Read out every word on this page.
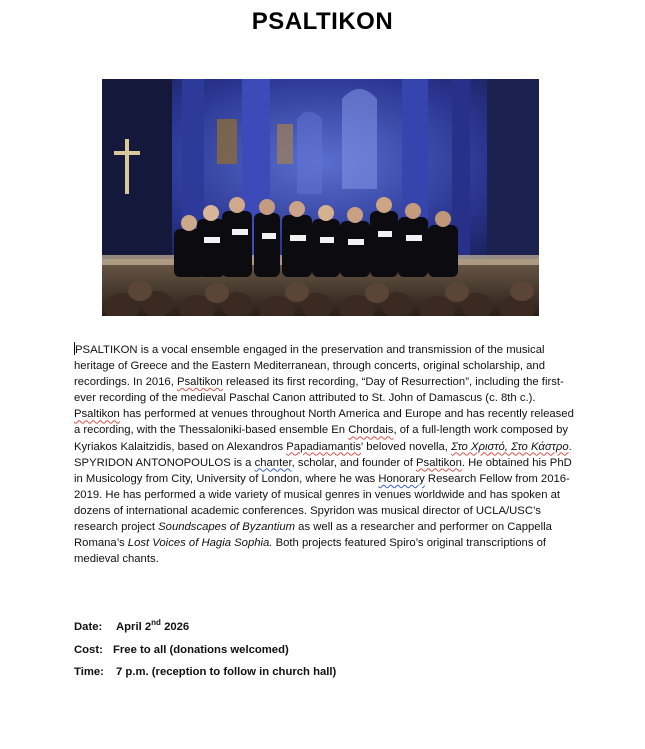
PSALTIKON

PSALTIKON is a vocal ensemble engaged in the preservation and transmission of the musical heritage of Greece and the Eastern Mediterranean, through concerts, original scholarship, and recordings. In 2016, Psaltikon released its first recording, “Day of Resurrection”, including the first-ever recording of the medieval Paschal Canon attributed to St. John of Damascus (c. 8th c.). Psaltikon has performed at venues throughout North America and Europe and has recently released a recording, with the Thessaloniki-based ensemble En Chordais, of a full-length work composed by Kyriakos Kalaitzidis, based on Alexandros Papadiamantis' beloved novella, Στο Χριστό, Στο Κάστρο.

SPYRIDON ANTONOPOULOS is a chanter, scholar, and founder of Psaltikon. He obtained his PhD in Musicology from City, University of London, where he was Honorary Research Fellow from 2016-2019. He has performed a wide variety of musical genres in venues worldwide and has spoken at dozens of international academic conferences. Spyridon was musical director of UCLA/USC’s research project Soundscapes of Byzantium as well as a researcher and performer on Cappella Romana’s Lost Voices of Hagia Sophia. Both projects featured Spiro’s original transcriptions of medieval chants.

Date: April 2nd 2026
Cost: Free to all (donations welcomed)
Time: 7 p.m. (reception to follow in church hall)
